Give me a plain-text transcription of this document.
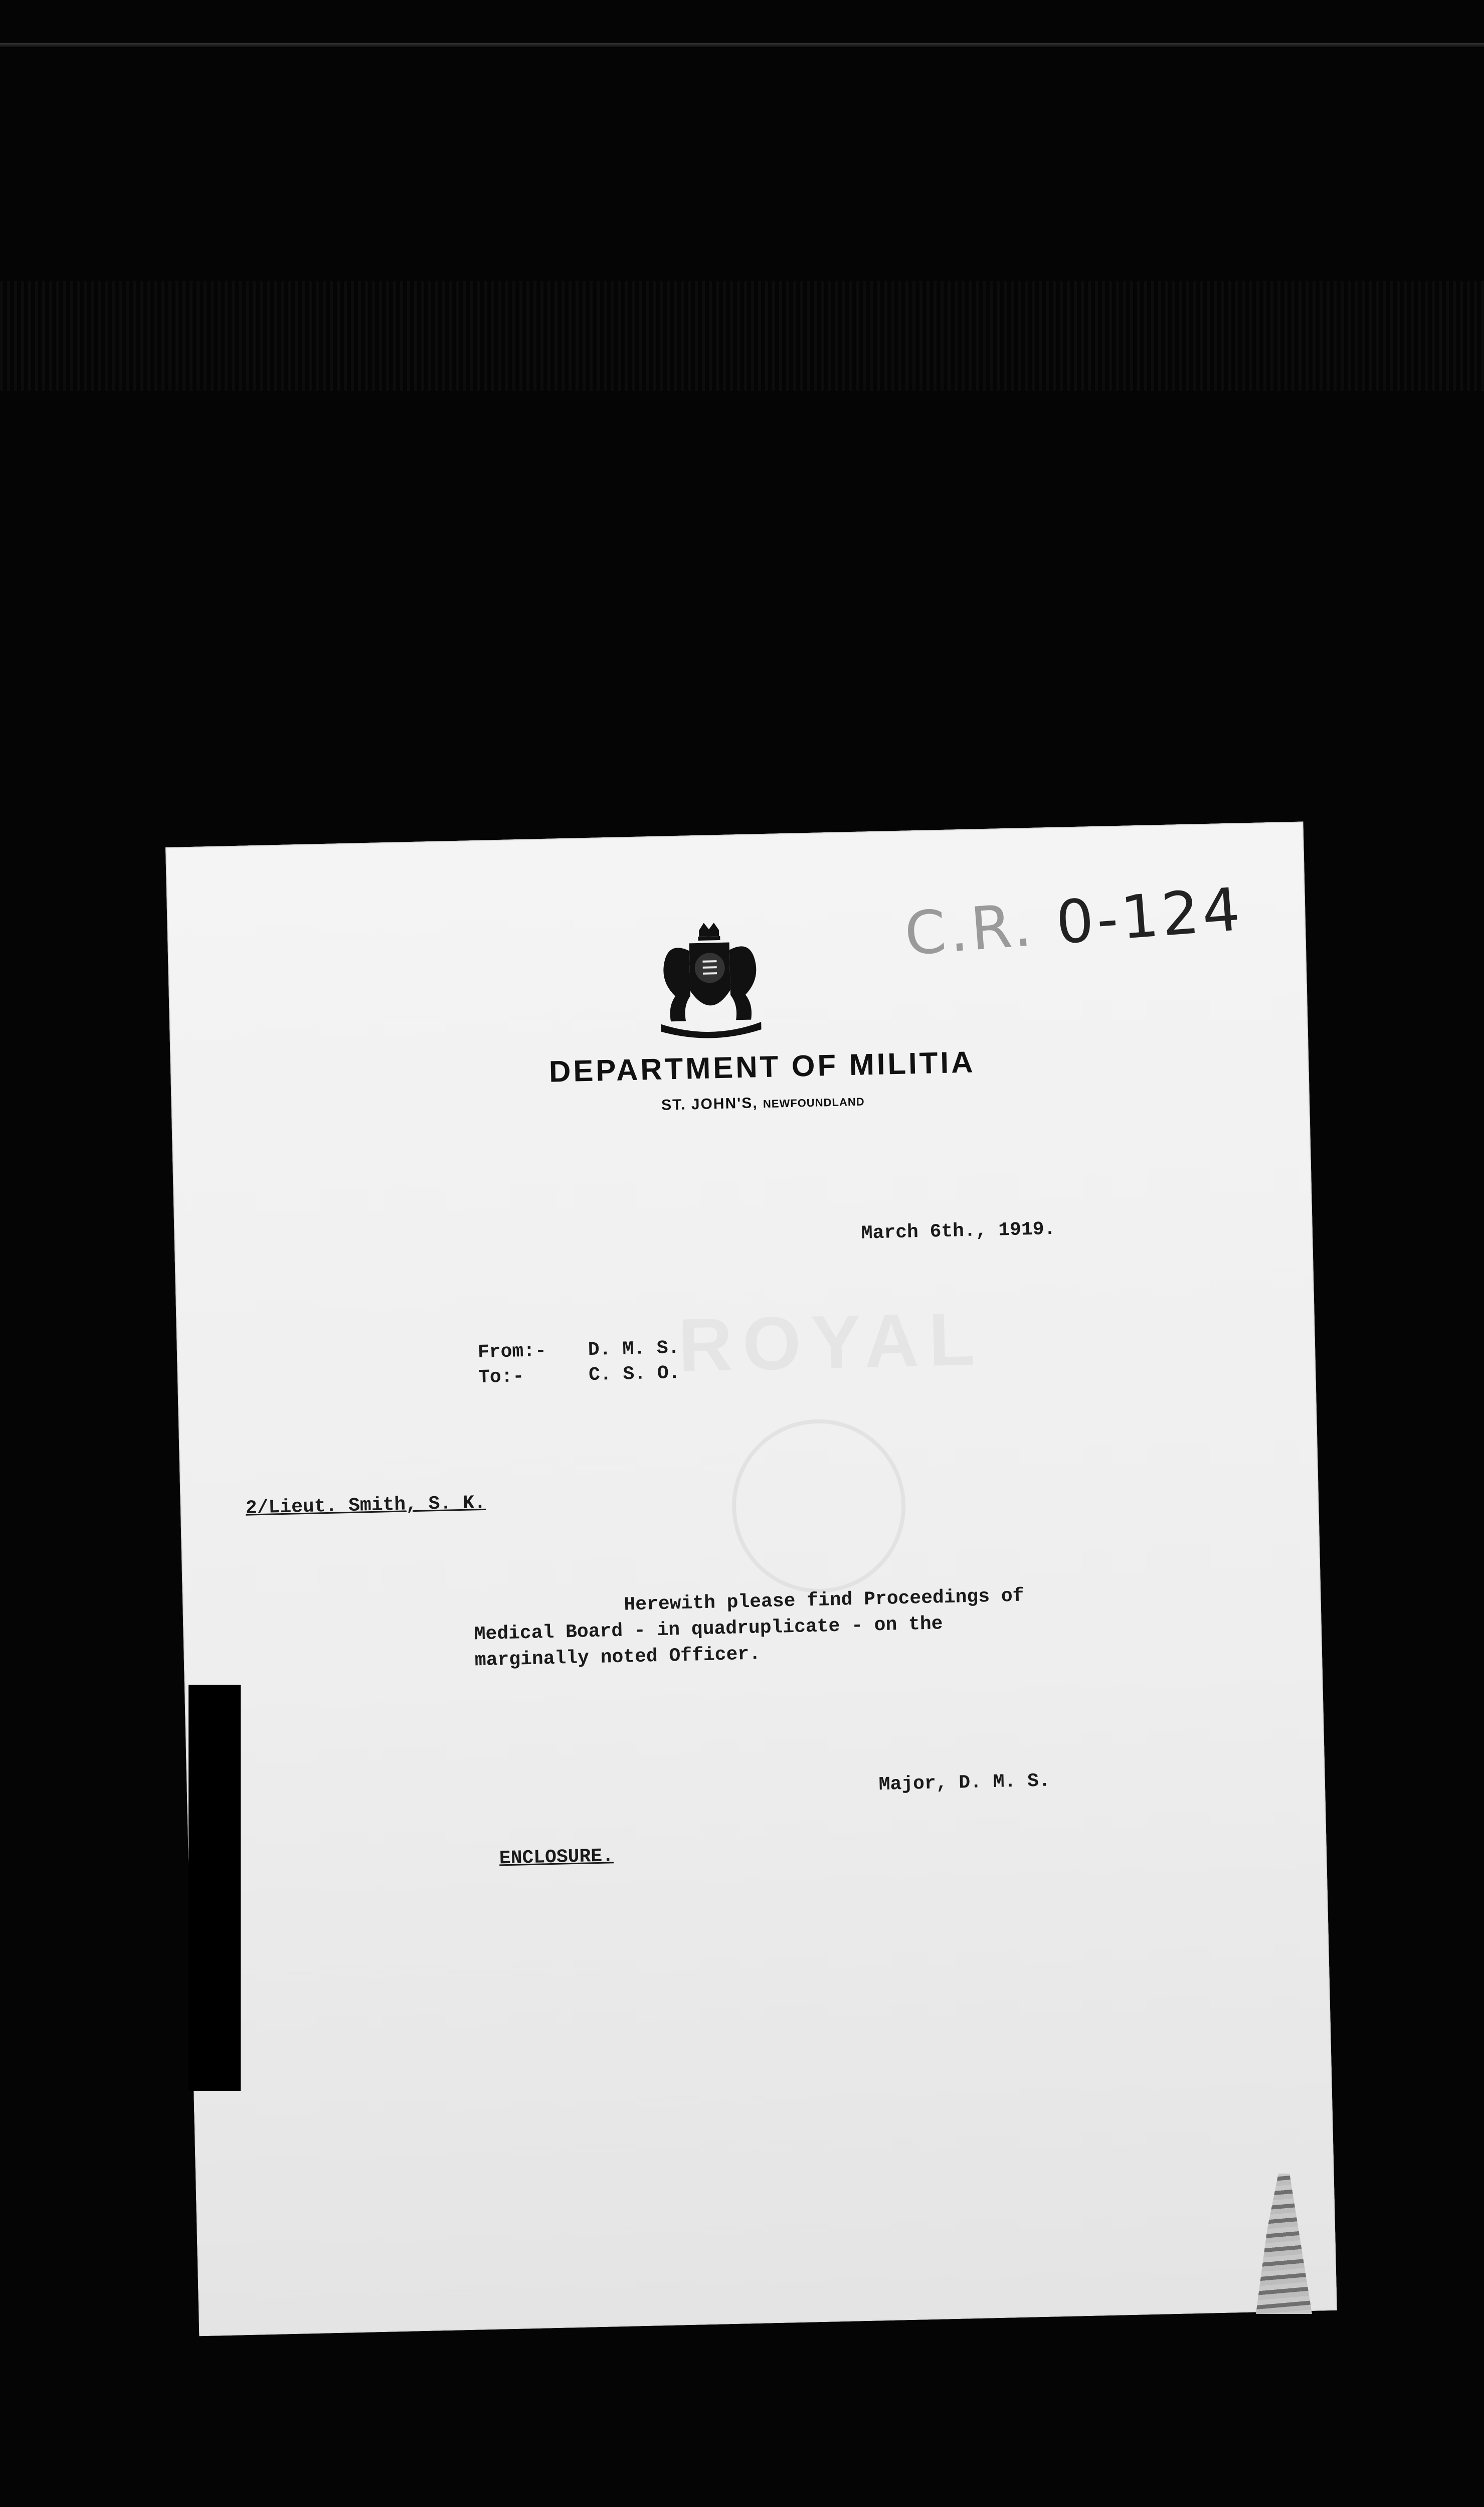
ROYAL
DEPARTMENT OF MILITIA
ST. JOHN'S, NEWFOUNDLAND
C.R. 0-124
March 6th., 1919.
From:- D. M. S.
To:-	C. S. O.
2/Lieut. Smith, S. K.
Herewith please find Proceedings of
Medical Board - in quadruplicate - on the
marginally noted Officer.
Major, D. M. S.
ENCLOSURE.
